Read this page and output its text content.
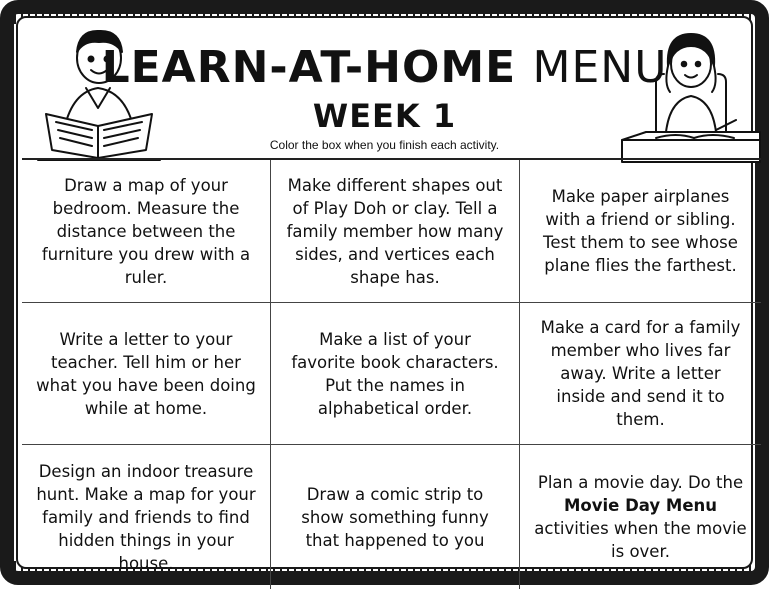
LEARN-AT-HOME MENU
WEEK 1
Color the box when you finish each activity.
Draw a map of your bedroom. Measure the distance between the furniture you drew with a ruler.
Make different shapes out of Play Doh or clay. Tell a family member how many sides, and vertices each shape has.
Make paper airplanes with a friend or sibling. Test them to see whose plane flies the farthest.
Write a letter to your teacher. Tell him or her what you have been doing while at home.
Make a list of your favorite book characters. Put the names in alphabetical order.
Make a card for a family member who lives far away. Write a letter inside and send it to them.
Design an indoor treasure hunt. Make a map for your family and friends to find hidden things in your house.
Draw a comic strip to show something funny that happened to you
Plan a movie day. Do the Movie Day Menu activities when the movie is over.
